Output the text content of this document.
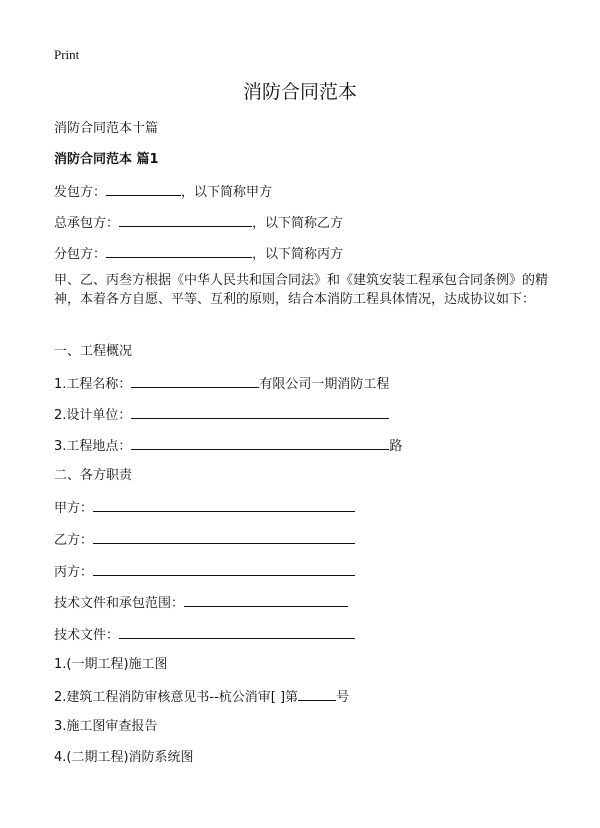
Print
消防合同范本
消防合同范本十篇
消防合同范本 篇1
发包方：	，以下简称甲方
总承包方：	，以下简称乙方
分包方：	，以下简称丙方
甲、乙、丙叁方根据《中华人民共和国合同法》和《建筑安装工程承包合同条例》的精神，本着各方自愿、平等、互利的原则，结合本消防工程具体情况，达成协议如下：
一、工程概况
1.工程名称：	有限公司一期消防工程
2.设计单位：
3.工程地点：	路
二、各方职责
甲方：
乙方：
丙方：
技术文件和承包范围：
技术文件：
1.(一期工程)施工图
2.建筑工程消防审核意见书--杭公消审[ ]第	号
3.施工图审查报告
4.(二期工程)消防系统图
